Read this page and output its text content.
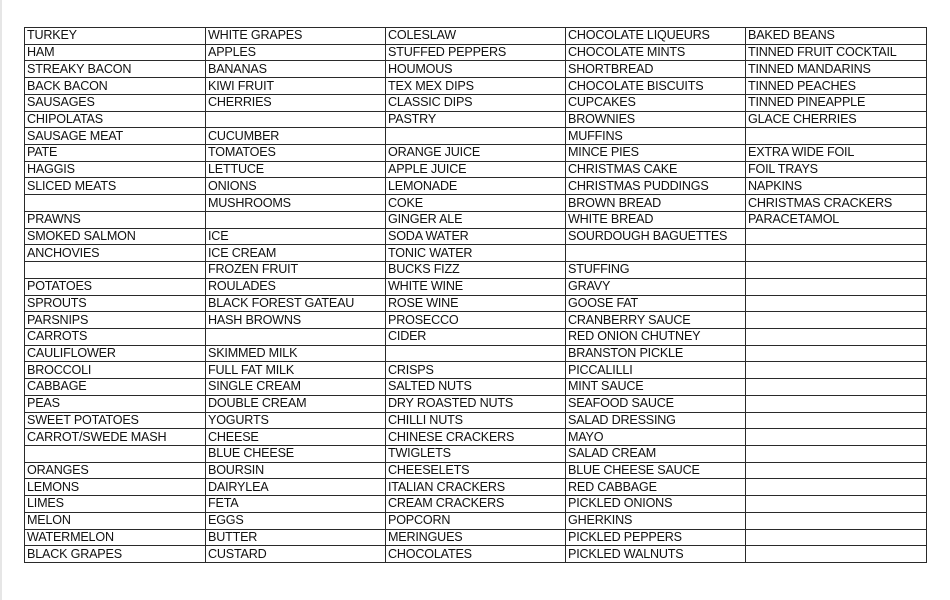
TURKEY	WHITE GRAPES	COLESLAW	CHOCOLATE LIQUEURS	BAKED BEANS
HAM	APPLES	STUFFED PEPPERS	CHOCOLATE MINTS	TINNED FRUIT COCKTAIL
STREAKY BACON	BANANAS	HOUMOUS	SHORTBREAD	TINNED MANDARINS
BACK BACON	KIWI FRUIT	TEX MEX DIPS	CHOCOLATE BISCUITS	TINNED PEACHES
SAUSAGES	CHERRIES	CLASSIC DIPS	CUPCAKES	TINNED PINEAPPLE
CHIPOLATAS		PASTRY	BROWNIES	GLACE CHERRIES
SAUSAGE MEAT	CUCUMBER		MUFFINS	
PATE	TOMATOES	ORANGE JUICE	MINCE PIES	EXTRA WIDE FOIL
HAGGIS	LETTUCE	APPLE JUICE	CHRISTMAS CAKE	FOIL TRAYS
SLICED MEATS	ONIONS	LEMONADE	CHRISTMAS PUDDINGS	NAPKINS
	MUSHROOMS	COKE	BROWN BREAD	CHRISTMAS CRACKERS
PRAWNS		GINGER ALE	WHITE BREAD	PARACETAMOL
SMOKED SALMON	ICE	SODA WATER	SOURDOUGH BAGUETTES	
ANCHOVIES	ICE CREAM	TONIC WATER		
	FROZEN FRUIT	BUCKS FIZZ	STUFFING	
POTATOES	ROULADES	WHITE WINE	GRAVY	
SPROUTS	BLACK FOREST GATEAU	ROSE WINE	GOOSE FAT	
PARSNIPS	HASH BROWNS	PROSECCO	CRANBERRY SAUCE	
CARROTS		CIDER	RED ONION CHUTNEY	
CAULIFLOWER	SKIMMED MILK		BRANSTON PICKLE	
BROCCOLI	FULL FAT MILK	CRISPS	PICCALILLI	
CABBAGE	SINGLE CREAM	SALTED NUTS	MINT SAUCE	
PEAS	DOUBLE CREAM	DRY ROASTED NUTS	SEAFOOD SAUCE	
SWEET POTATOES	YOGURTS	CHILLI NUTS	SALAD DRESSING	
CARROT/SWEDE MASH	CHEESE	CHINESE CRACKERS	MAYO	
	BLUE CHEESE	TWIGLETS	SALAD CREAM	
ORANGES	BOURSIN	CHEESELETS	BLUE CHEESE SAUCE	
LEMONS	DAIRYLEA	ITALIAN CRACKERS	RED CABBAGE	
LIMES	FETA	CREAM CRACKERS	PICKLED ONIONS	
MELON	EGGS	POPCORN	GHERKINS	
WATERMELON	BUTTER	MERINGUES	PICKLED PEPPERS	
BLACK GRAPES	CUSTARD	CHOCOLATES	PICKLED WALNUTS	
